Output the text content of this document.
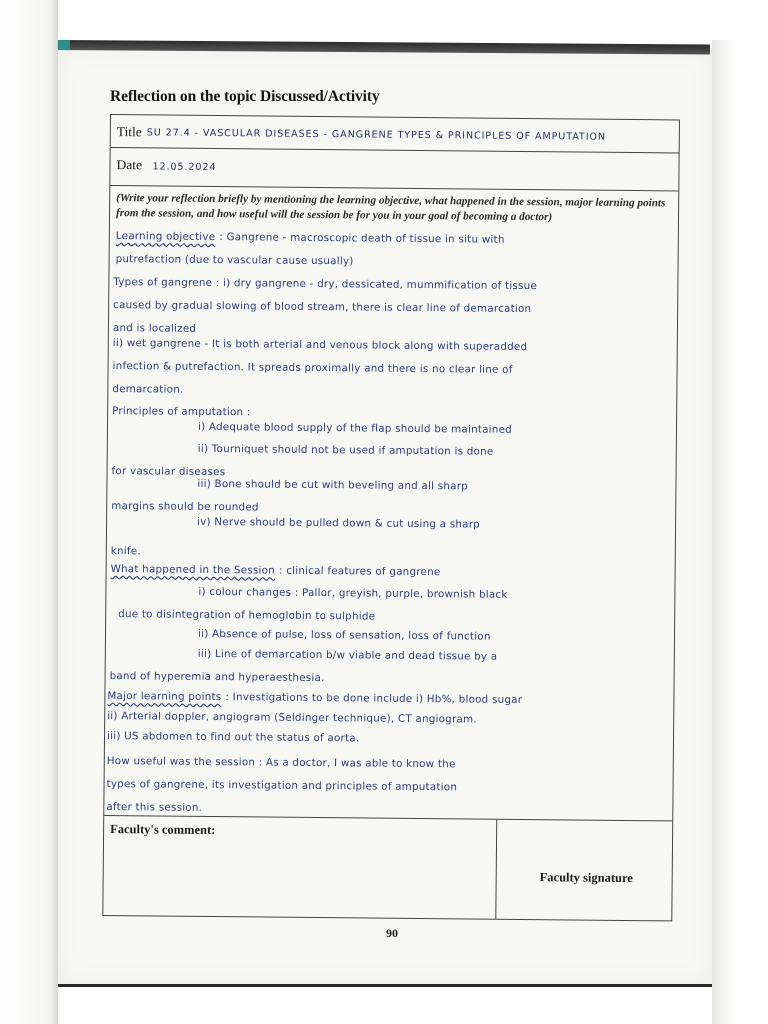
Reflection on the topic Discussed/Activity
Title SU 27.4 - VASCULAR DISEASES - GANGRENE TYPES & PRINCIPLES OF AMPUTATION
Date 12.05.2024
(Write your reflection briefly by mentioning the learning objective, what happened in the session, major learning points from the session, and how useful will the session be for you in your goal of becoming a doctor)
Learning objective : Gangrene - macroscopic death of tissue in situ with
putrefaction (due to vascular cause usually)
Types of gangrene : i) dry gangrene - dry, dessicated, mummification of tissue
caused by gradual slowing of blood stream, there is clear line of demarcation
and is localized
ii) wet gangrene - It is both arterial and venous block along with superadded
infection & putrefaction. It spreads proximally and there is no clear line of
demarcation.
Principles of amputation :
i) Adequate blood supply of the flap should be maintained
ii) Tourniquet should not be used if amputation is done
for vascular diseases
iii) Bone should be cut with beveling and all sharp
margins should be rounded
iv) Nerve should be pulled down & cut using a sharp
knife.
What happened in the Session : clinical features of gangrene
i) colour changes : Pallor, greyish, purple, brownish black
due to disintegration of hemoglobin to sulphide
ii) Absence of pulse, loss of sensation, loss of function
iii) Line of demarcation b/w viable and dead tissue by a
band of hyperemia and hyperaesthesia.
Major learning points : Investigations to be done include i) Hb%, blood sugar
ii) Arterial doppler, angiogram (Seldinger technique), CT angiogram.
iii) US abdomen to find out the status of aorta.
How useful was the session : As a doctor, I was able to know the
types of gangrene, its investigation and principles of amputation
after this session.
Faculty's comment:
Faculty signature
90
